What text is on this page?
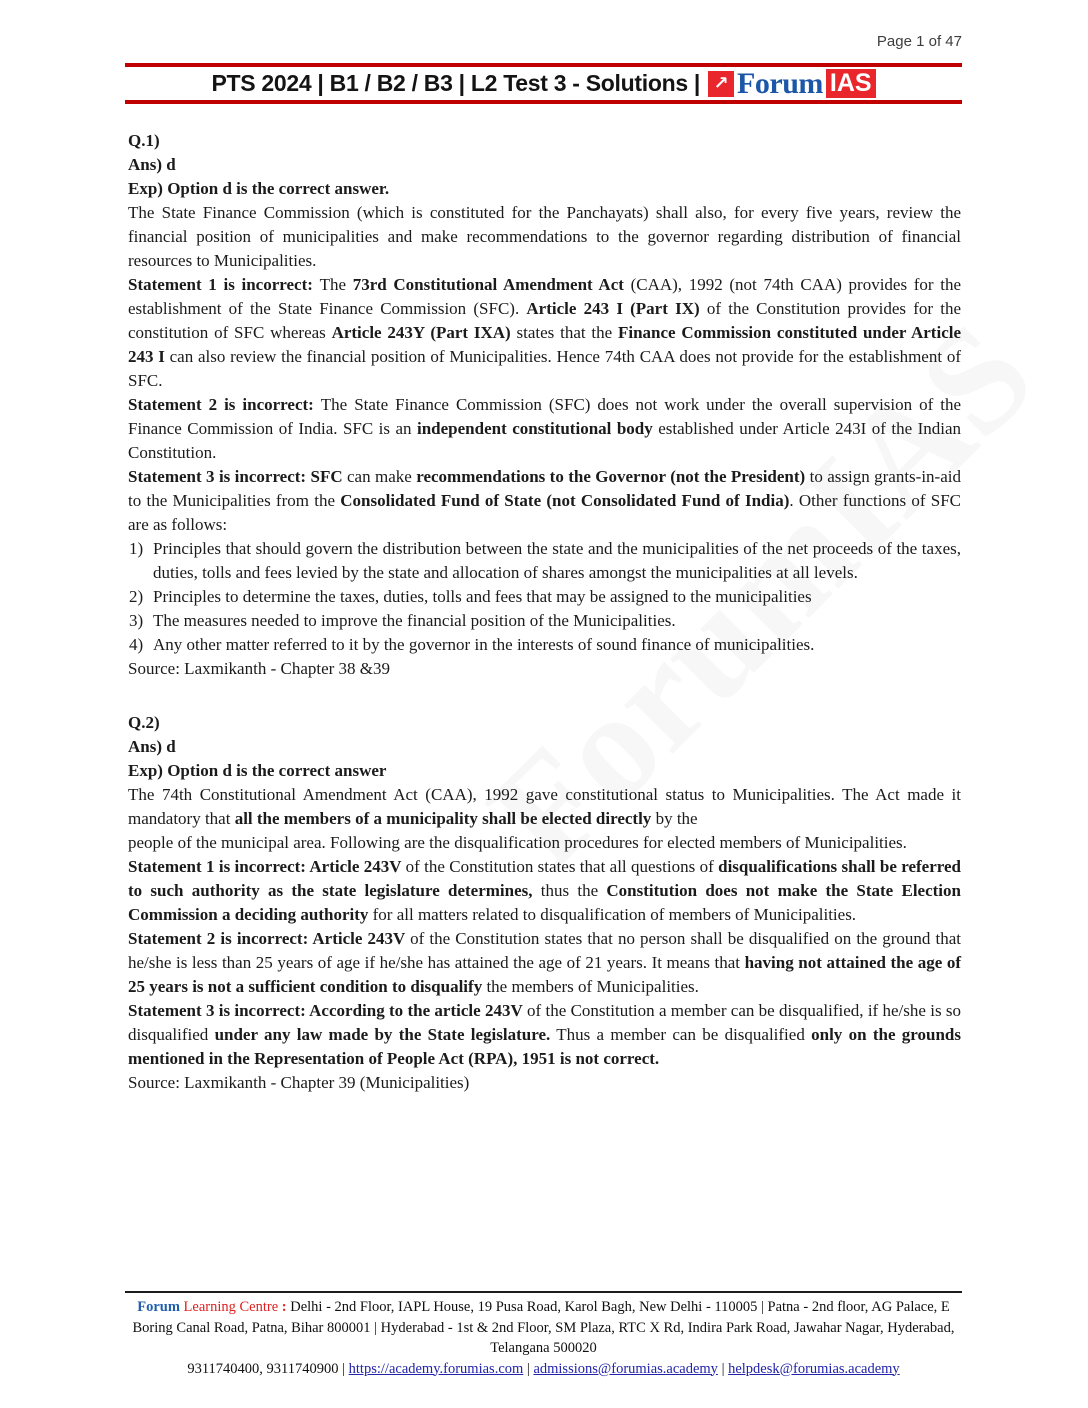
Page 1 of 47
PTS 2024 | B1 / B2 / B3 | L2 Test 3 - Solutions | ↗ Forum IAS
Q.1)
Ans) d
Exp) Option d is the correct answer.
The State Finance Commission (which is constituted for the Panchayats) shall also, for every five years, review the financial position of municipalities and make recommendations to the governor regarding distribution of financial resources to Municipalities.
Statement 1 is incorrect: The 73rd Constitutional Amendment Act (CAA), 1992 (not 74th CAA) provides for the establishment of the State Finance Commission (SFC). Article 243 I (Part IX) of the Constitution provides for the constitution of SFC whereas Article 243Y (Part IXA) states that the Finance Commission constituted under Article 243 I can also review the financial position of Municipalities. Hence 74th CAA does not provide for the establishment of SFC.
Statement 2 is incorrect: The State Finance Commission (SFC) does not work under the overall supervision of the Finance Commission of India. SFC is an independent constitutional body established under Article 243I of the Indian Constitution.
Statement 3 is incorrect: SFC can make recommendations to the Governor (not the President) to assign grants-in-aid to the Municipalities from the Consolidated Fund of State (not Consolidated Fund of India). Other functions of SFC are as follows:
1) Principles that should govern the distribution between the state and the municipalities of the net proceeds of the taxes, duties, tolls and fees levied by the state and allocation of shares amongst the municipalities at all levels.
2) Principles to determine the taxes, duties, tolls and fees that may be assigned to the municipalities
3) The measures needed to improve the financial position of the Municipalities.
4) Any other matter referred to it by the governor in the interests of sound finance of municipalities.
Source: Laxmikanth - Chapter 38 &39
Q.2)
Ans) d
Exp) Option d is the correct answer
The 74th Constitutional Amendment Act (CAA), 1992 gave constitutional status to Municipalities. The Act made it mandatory that all the members of a municipality shall be elected directly by the
people of the municipal area. Following are the disqualification procedures for elected members of Municipalities.
Statement 1 is incorrect: Article 243V of the Constitution states that all questions of disqualifications shall be referred to such authority as the state legislature determines, thus the Constitution does not make the State Election Commission a deciding authority for all matters related to disqualification of members of Municipalities.
Statement 2 is incorrect: Article 243V of the Constitution states that no person shall be disqualified on the ground that he/she is less than 25 years of age if he/she has attained the age of 21 years. It means that having not attained the age of 25 years is not a sufficient condition to disqualify the members of Municipalities.
Statement 3 is incorrect: According to the article 243V of the Constitution a member can be disqualified, if he/she is so disqualified under any law made by the State legislature. Thus a member can be disqualified only on the grounds mentioned in the Representation of People Act (RPA), 1951 is not correct.
Source: Laxmikanth - Chapter 39 (Municipalities)
Forum Learning Centre : Delhi - 2nd Floor, IAPL House, 19 Pusa Road, Karol Bagh, New Delhi - 110005 | Patna - 2nd floor, AG Palace, E Boring Canal Road, Patna, Bihar 800001 | Hyderabad - 1st & 2nd Floor, SM Plaza, RTC X Rd, Indira Park Road, Jawahar Nagar, Hyderabad, Telangana 500020
9311740400, 9311740900 | https://academy.forumias.com | admissions@forumias.academy | helpdesk@forumias.academy
